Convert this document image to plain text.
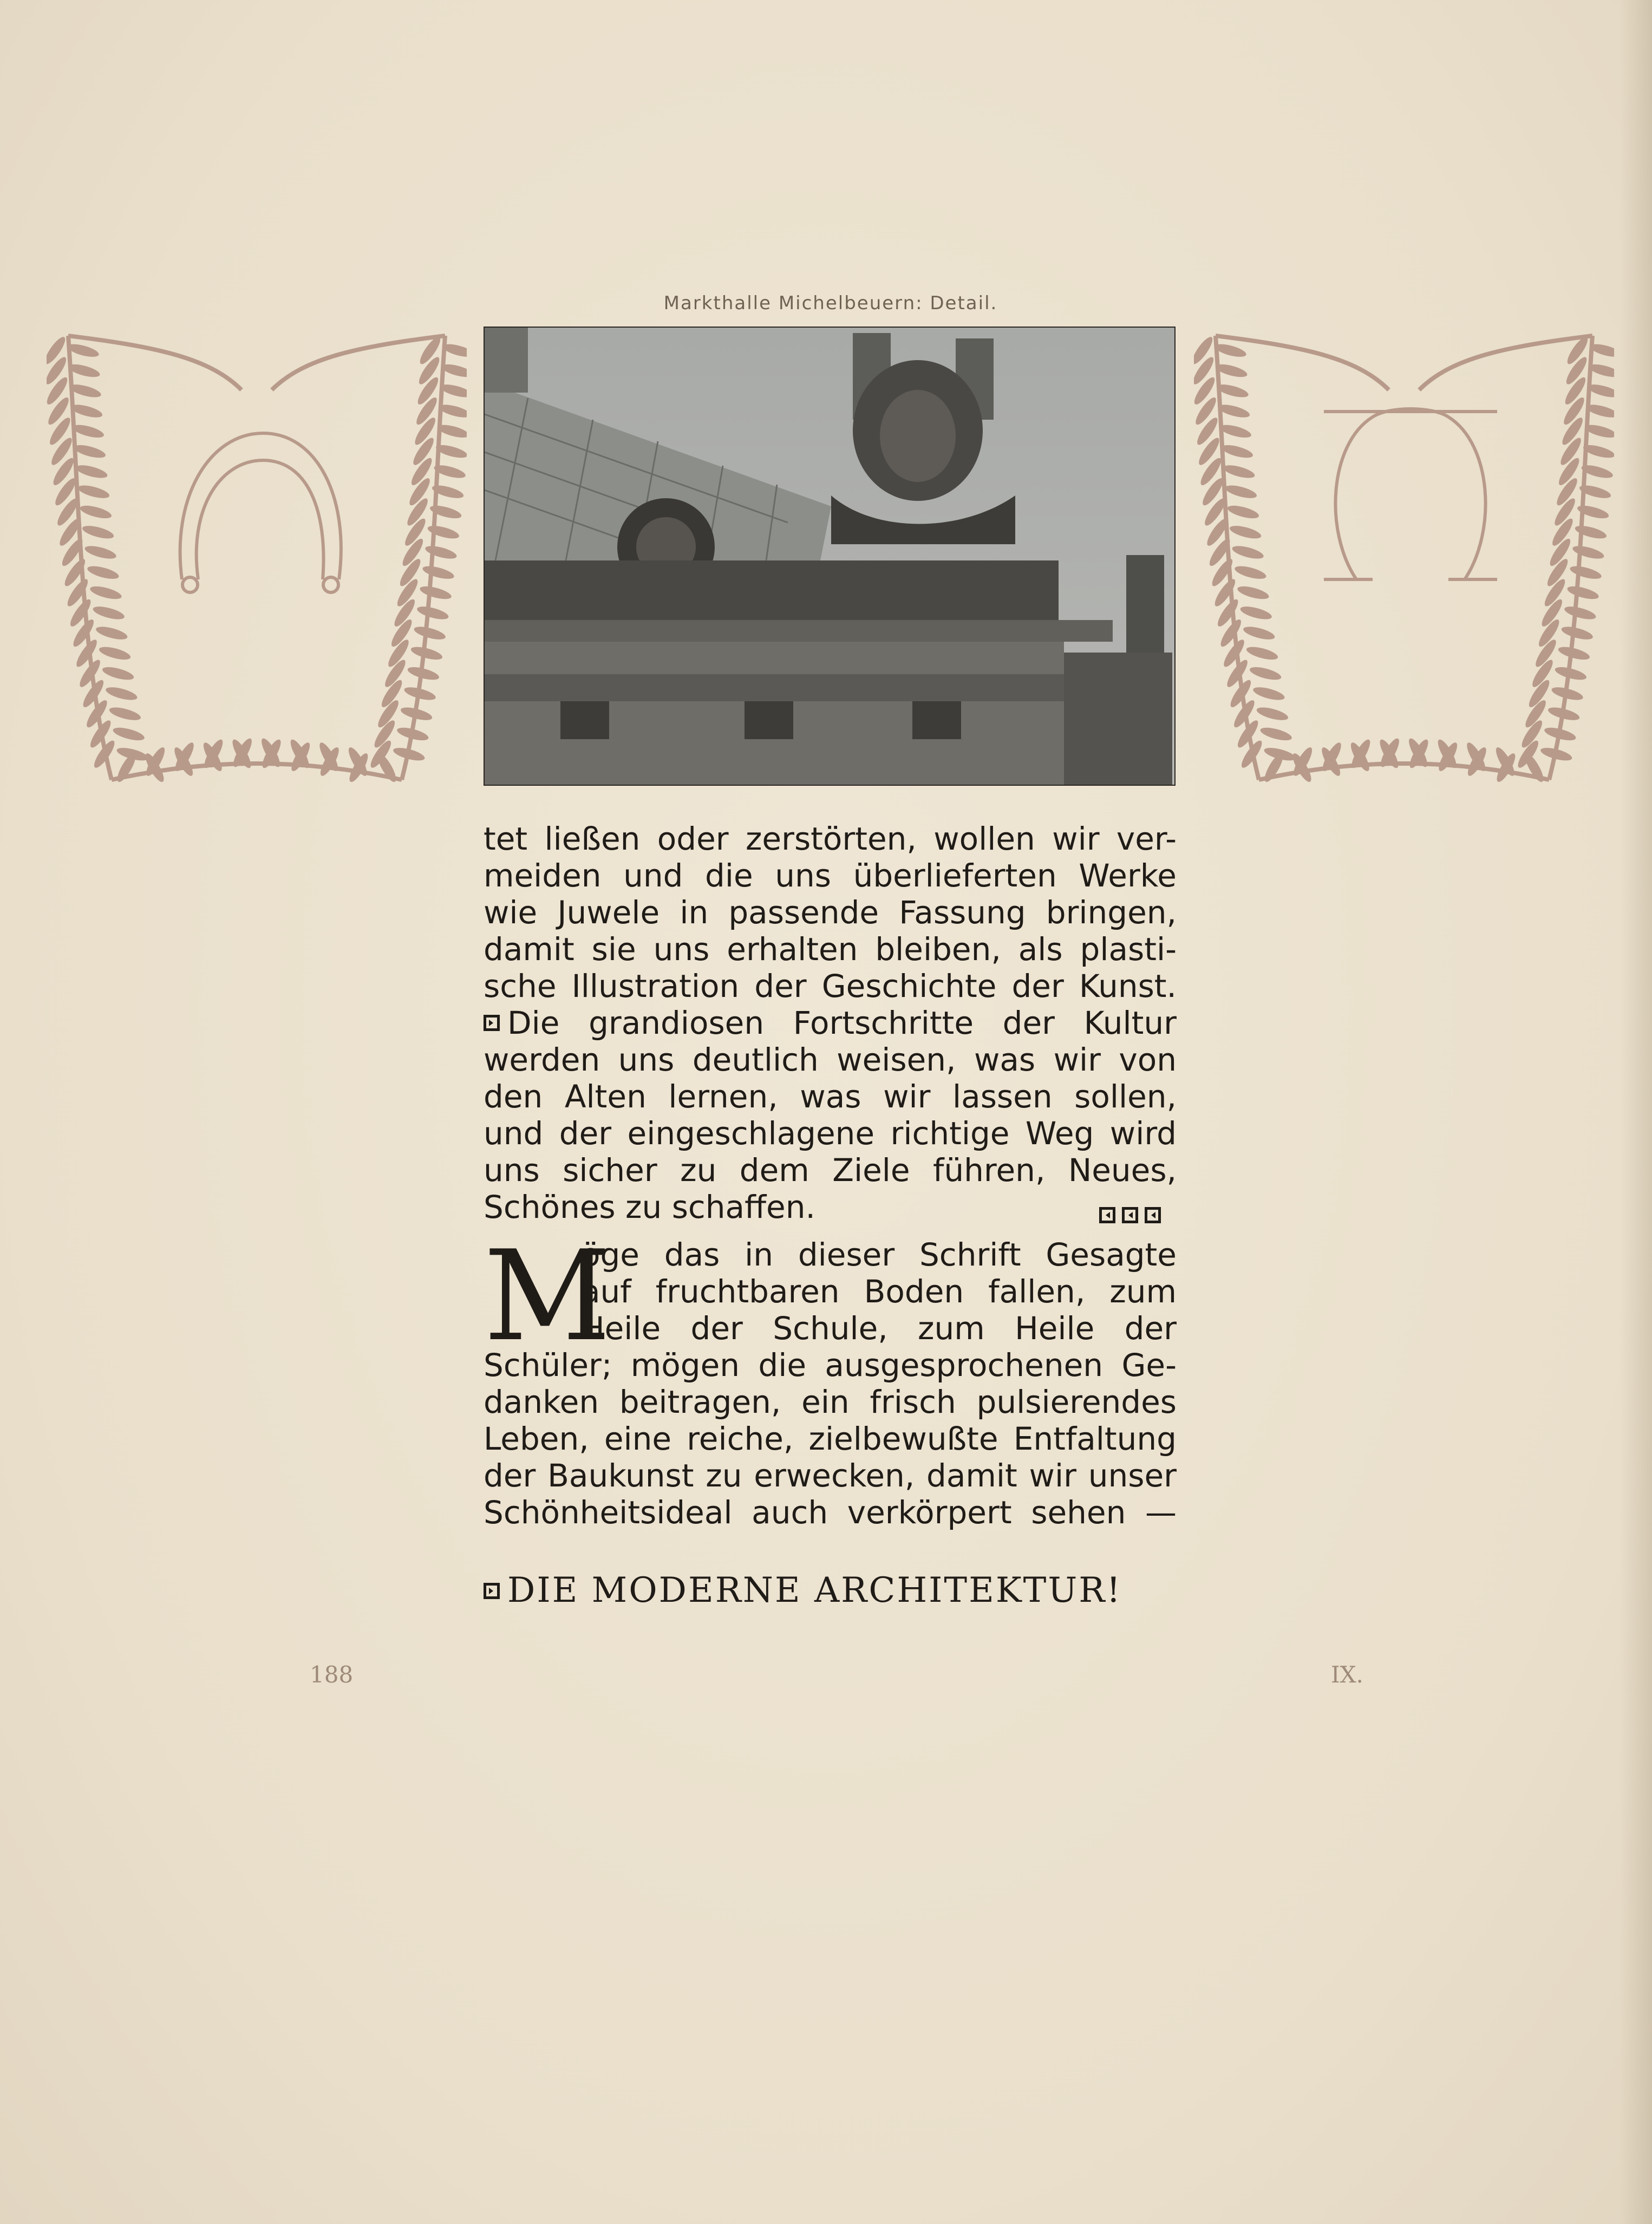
Markthalle Michelbeuern: Detail.
tet ließen oder zerstörten, wollen wir ver-
meiden und die uns überlieferten Werke
wie Juwele in passende Fassung bringen,
damit sie uns erhalten bleiben, als plasti-
sche Illustration der Geschichte der Kunst.
Die grandiosen Fortschritte der Kultur
werden uns deutlich weisen, was wir von
den Alten lernen, was wir lassen sollen,
und der eingeschlagene richtige Weg wird
uns sicher zu dem Ziele führen, Neues,
Schönes zu schaffen.
M
öge das in dieser Schrift Gesagte
auf fruchtbaren Boden fallen, zum
Heile der Schule, zum Heile der
Schüler; mögen die ausgesprochenen Ge-
danken beitragen, ein frisch pulsierendes
Leben, eine reiche, zielbewußte Entfaltung
der Baukunst zu erwecken, damit wir unser
Schönheitsideal auch verkörpert sehen —
DIE MODERNE ARCHITEKTUR!
188	IX.
